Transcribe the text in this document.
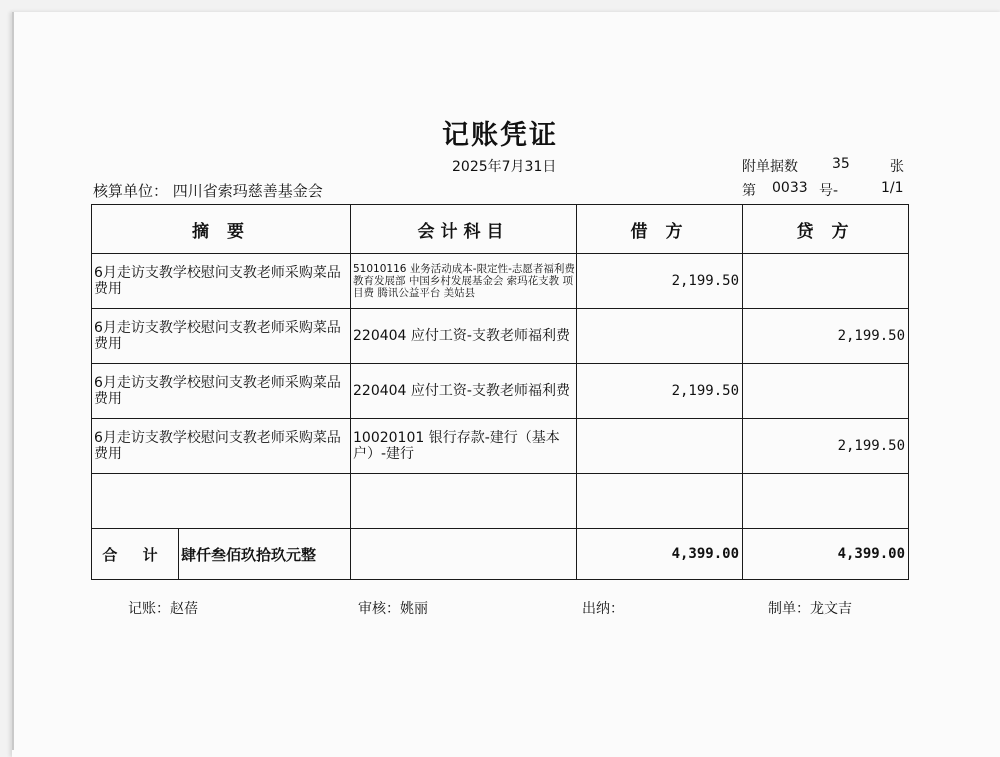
记账凭证
2025年7月31日	附单据数 35	张
核算单位： 四川省索玛慈善基金会	第 0033 号-	1/1
摘 要	会计科目	借 方	贷 方
6月走访支教学校慰问支教老师采购菜品费用	51010116 业务活动成本-限定性-志愿者福利费 教育发展部 中国乡村发展基金会 索玛花支教 项目费 腾讯公益平台 美姑县	2,199.50	
6月走访支教学校慰问支教老师采购菜品费用	220404 应付工资-支教老师福利费		2,199.50
6月走访支教学校慰问支教老师采购菜品费用	220404 应付工资-支教老师福利费	2,199.50	
6月走访支教学校慰问支教老师采购菜品费用	10020101 银行存款-建行（基本户）-建行		2,199.50

合 计 肆仟叁佰玖拾玖元整		4,399.00	4,399.00
记账：赵蓓	审核：姚丽	出纳：	制单：龙文吉
